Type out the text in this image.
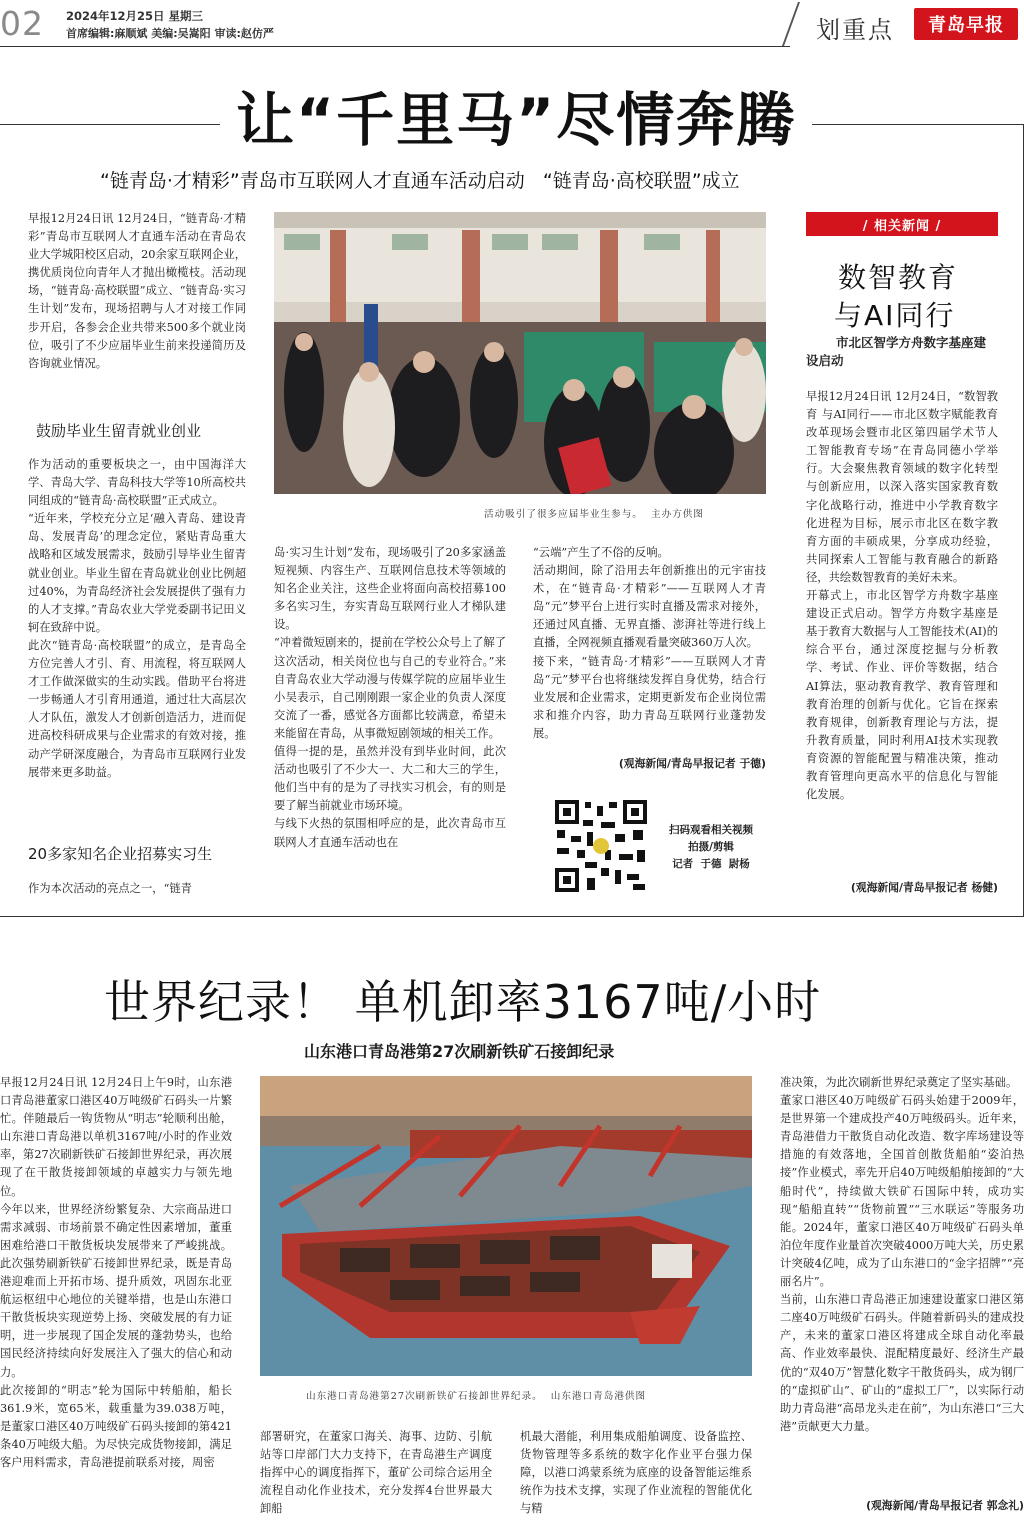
02 2024年12月25日 星期三
首席编辑:麻顺斌 美编:吴嵩阳 审读:赵仿严	划重点 青岛早报
让“千里马”尽情奔腾
“链青岛·才精彩”青岛市互联网人才直通车活动启动   “链青岛·高校联盟”成立
早报12月24日讯 12月24日，“链青岛·才精彩”青岛市互联网人才直通车活动在青岛农业大学城阳校区启动，20余家互联网企业，携优质岗位向青年人才抛出橄榄枝。活动现场，“链青岛·高校联盟”成立、“链青岛·实习生计划”发布，现场招聘与人才对接工作同步开启，各参会企业共带来500多个就业岗位，吸引了不少应届毕业生前来投递简历及咨询就业情况。
鼓励毕业生留青就业创业
作为活动的重要板块之一，由中国海洋大学、青岛大学、青岛科技大学等10所高校共同组成的“链青岛·高校联盟”正式成立。
“近年来，学校充分立足‘融入青岛、建设青岛、发展青岛’的理念定位，紧贴青岛重大战略和区域发展需求，鼓励引导毕业生留青就业创业。毕业生留在青岛就业创业比例超过40%，为青岛经济社会发展提供了强有力的人才支撑。”青岛农业大学党委副书记田义轲在致辞中说。
此次“链青岛·高校联盟”的成立，是青岛全方位完善人才引、育、用流程，将互联网人才工作做深做实的生动实践。借助平台将进一步畅通人才引育用通道，通过壮大高层次人才队伍，激发人才创新创造活力，进而促进高校科研成果与企业需求的有效对接，推动产学研深度融合，为青岛市互联网行业发展带来更多助益。
20多家知名企业招募实习生
作为本次活动的亮点之一，“链青
活动吸引了很多应届毕业生参与。  主办方供图
岛·实习生计划”发布，现场吸引了20多家涵盖短视频、内容生产、互联网信息技术等领域的知名企业关注，这些企业将面向高校招募100多名实习生，夯实青岛互联网行业人才梯队建设。
“冲着微短剧来的，提前在学校公众号上了解了这次活动，相关岗位也与自己的专业符合。”来自青岛农业大学动漫与传媒学院的应届毕业生小吴表示，自己刚刚跟一家企业的负责人深度交流了一番，感觉各方面都比较满意，希望未来能留在青岛，从事微短剧领域的相关工作。
值得一提的是，虽然并没有到毕业时间，此次活动也吸引了不少大一、大二和大三的学生，他们当中有的是为了寻找实习机会，有的则是要了解当前就业市场环境。
与线下火热的氛围相呼应的是，此次青岛市互联网人才直通车活动也在
“云端”产生了不俗的反响。
活动期间，除了沿用去年创新推出的元宇宙技术，在“链青岛·才精彩”——互联网人才青岛“元”梦平台上进行实时直播及需求对接外，还通过风直播、无界直播、澎湃社等进行线上直播，全网视频直播观看量突破360万人次。
接下来，“链青岛·才精彩”——互联网人才青岛“元”梦平台也将继续发挥自身优势，结合行业发展和企业需求，定期更新发布企业岗位需求和推介内容，助力青岛互联网行业蓬勃发展。
(观海新闻/青岛早报记者 于德)
扫码观看相关视频
拍摄/剪辑
记者  于德  尉杨
/ 相关新闻 /
数智教育
与AI同行
市北区智学方舟数字基座建设启动
早报12月24日讯 12月24日，“数智教育 与AI同行——市北区数字赋能教育改革现场会暨市北区第四届学术节人工智能教育专场”在青岛同德小学举行。大会聚焦教育领域的数字化转型与创新应用，以深入落实国家教育数字化战略行动，推进中小学教育数字化进程为目标，展示市北区在数字教育方面的丰硕成果，分享成功经验，共同探索人工智能与教育融合的新路径，共绘数智教育的美好未来。
开幕式上，市北区智学方舟数字基座建设正式启动。智学方舟数字基座是基于教育大数据与人工智能技术(AI)的综合平台，通过深度挖掘与分析教学、考试、作业、评价等数据，结合AI算法，驱动教育教学、教育管理和教育治理的创新与优化。它旨在探索教育规律，创新教育理论与方法，提升教育质量，同时利用AI技术实现教育资源的智能配置与精准决策，推动教育管理向更高水平的信息化与智能化发展。
(观海新闻/青岛早报记者 杨健)
世界纪录！ 单机卸率3167吨/小时
山东港口青岛港第27次刷新铁矿石接卸纪录
早报12月24日讯 12月24日上午9时，山东港口青岛港董家口港区40万吨级矿石码头一片繁忙。伴随最后一钩货物从“明志”轮顺利出舱，山东港口青岛港以单机3167吨/小时的作业效率，第27次刷新铁矿石接卸世界纪录，再次展现了在干散货接卸领域的卓越实力与领先地位。
今年以来，世界经济纷繁复杂、大宗商品进口需求减弱、市场前景不确定性因素增加，董重困难给港口干散货板块发展带来了严峻挑战。此次强势刷新铁矿石接卸世界纪录，既是青岛港迎难而上开拓市场、提升质效，巩固东北亚航运枢纽中心地位的关键举措，也是山东港口干散货板块实现逆势上扬、突破发展的有力证明，进一步展现了国企发展的蓬勃势头，也给国民经济持续向好发展注入了强大的信心和动力。
此次接卸的“明志”轮为国际中转船舶，船长361.9米，宽65米，载重量为39.038万吨，是董家口港区40万吨级矿石码头接卸的第421条40万吨级大船。为尽快完成货物接卸，满足客户用料需求，青岛港提前联系对接，周密
山东港口青岛港第27次刷新铁矿石接卸世界纪录。  山东港口青岛港供图
部署研究，在董家口海关、海事、边防、引航站等口岸部门大力支持下，在青岛港生产调度指挥中心的调度指挥下，董矿公司综合运用全流程自动化作业技术，充分发挥4台世界最大卸船
机最大潜能，利用集成船舶调度、设备监控、货物管理等多系统的数字化作业平台强力保障，以港口鸿蒙系统为底座的设备智能运维系统作为技术支撑，实现了作业流程的智能优化与精
准决策，为此次刷新世界纪录奠定了坚实基础。
董家口港区40万吨级矿石码头始建于2009年，是世界第一个建成投产40万吨级码头。近年来，青岛港借力干散货自动化改造、数字库场建设等措施的有效落地，全国首创散货船舶“姿泊热接”作业模式，率先开启40万吨级船舶接卸的“大船时代”，持续做大铁矿石国际中转，成功实现“船船直转”“货物前置”“三水联运”等服务功能。2024年，董家口港区40万吨级矿石码头单泊位年度作业量首次突破4000万吨大关，历史累计突破4亿吨，成为了山东港口的“金字招牌”“亮丽名片”。
当前，山东港口青岛港正加速建设董家口港区第二座40万吨级矿石码头。伴随着新码头的建成投产，未来的董家口港区将建成全球自动化率最高、作业效率最快、混配精度最好、经济生产最优的“双40万”智慧化数字干散货码头，成为钢厂的“虚拟矿山”、矿山的“虚拟工厂”，以实际行动助力青岛港“高昂龙头走在前”，为山东港口“三大港”贡献更大力量。
(观海新闻/青岛早报记者 郭念礼)
